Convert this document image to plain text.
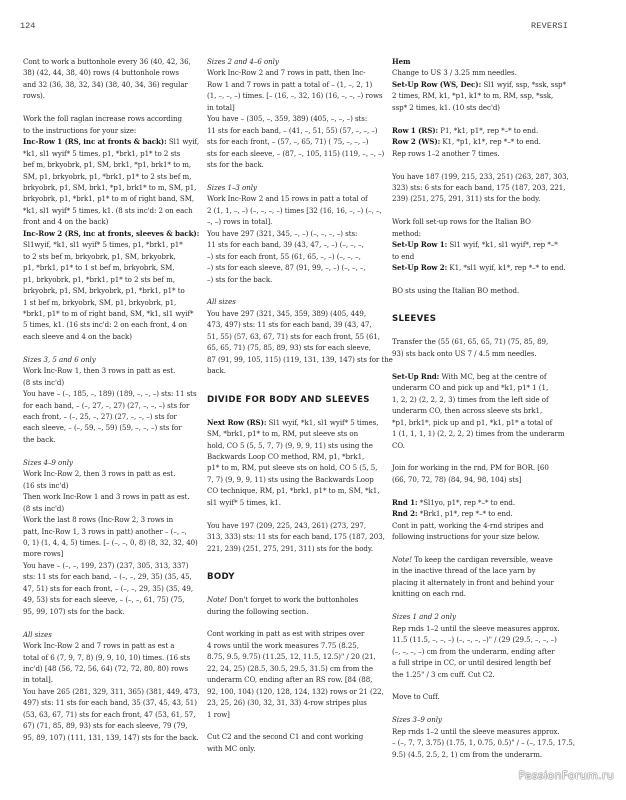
124	REVERSI
Cont to work a buttonhole every 36 (40, 42, 36,
38) (42, 44, 38, 40) rows (4 buttonhole rows
and 32 (36, 38, 32, 34) (38, 40, 34, 36) regular
rows).
Work the foll raglan increase rows according
to the instructions for your size:
Inc-Row 1 (RS, inc at fronts & back): Sl1 wyif,
*k1, sl1 wyif* 5 times, p1, *brk1, p1* to 2 sts
bef m, brkyobrk, p1, SM, brk1, *p1, brk1* to m,
SM, p1, brkyobrk, p1, *brk1, p1* to 2 sts bef m,
brkyobrk, p1, SM, brk1, *p1, brk1* to m, SM, p1,
brkyobrk, p1, *brk1, p1* to m of right band, SM,
*k1, sl1 wyif* 5 times, k1. (8 sts inc'd: 2 on each
front and 4 on the back)
Inc-Row 2 (RS, inc at fronts, sleeves & back):
Sl1wyif, *k1, sl1 wyif* 5 times, p1, *brk1, p1*
to 2 sts bef m, brkyobrk, p1, SM, brkyobrk,
p1, *brk1, p1* to 1 st bef m, brkyobrk, SM,
p1, brkyobrk, p1, *brk1, p1* to 2 sts bef m,
brkyobrk, p1, SM, brkyobrk, p1, *brk1, p1* to
1 st bef m, brkyobrk, SM, p1, brkyobrk, p1,
*brk1, p1* to m of right band, SM, *k1, sl1 wyif*
5 times, k1. (16 sts inc'd: 2 on each front, 4 on
each sleeve and 4 on the back)
Sizes 3, 5 and 6 only
Work Inc-Row 1, then 3 rows in patt as est.
(8 sts inc'd)
You have – (–, 185, –, 189) (189, –, –, –) sts: 11 sts
for each band, – (–, 27, –, 27) (27, –, –, –) sts for
each front, – (–, 25, –, 27) (27, –, –, –) sts for
each sleeve, – (–, 59, –, 59) (59, –, –, –) sts for
the back.
Sizes 4–9 only
Work Inc-Row 2, then 3 rows in patt as est.
(16 sts inc'd)
Then work Inc-Row 1 and 3 rows in patt as est.
(8 sts inc'd)
Work the last 8 rows (Inc-Row 2, 3 rows in
patt, Inc-Row 1, 3 rows in patt) another – (–, –,
0, 1) (1, 4, 4, 5) times. [– (–, –, 0, 8) (8, 32, 32, 40)
more rows]
You have – (–, –, 199, 237) (237, 305, 313, 337)
sts: 11 sts for each band, – (–, –, 29, 35) (35, 45,
47, 51) sts for each front, – (–, –, 29, 35) (35, 49,
49, 53) sts for each sleeve, – (–, –, 61, 75) (75,
95, 99, 107) sts for the back.
All sizes
Work Inc-Row 2 and 7 rows in patt as est a
total of 6 (7, 9, 7, 8) (9, 9, 10, 10) times. (16 sts
inc'd) [48 (56, 72, 56, 64) (72, 72, 80, 80) rows
in total].
You have 265 (281, 329, 311, 365) (381, 449, 473,
497) sts: 11 sts for each band, 35 (37, 45, 43, 51)
(53, 63, 67, 71) sts for each front, 47 (53, 61, 57,
67) (71, 85, 89, 93) sts for each sleeve, 79 (79,
95, 89, 107) (111, 131, 139, 147) sts for the back.
Sizes 2 and 4–6 only
Work Inc-Row 2 and 7 rows in patt, then Inc-
Row 1 and 7 rows in patt a total of – (1, –, 2, 1)
(1, –, –, –) times. [– (16, –, 32, 16) (16, –, –, –) rows
in total]
You have – (305, –, 359, 389) (405, –, –, –) sts:
11 sts for each band, – (41, –, 51, 55) (57, –, –, –)
sts for each front, – (57, –, 65, 71) ( 75, –, –, –)
sts for each sleeve, – (87, –, 105, 115) (119, –, –, –)
sts for the back.
Sizes 1–3 only
Work Inc-Row 2 and 15 rows in patt a total of
2 (1, 1, –, –) (–, –, –, –) times [32 (16, 16, –, –) (–, –,
–, –) rows in total].
You have 297 (321, 345, –, –) (–, –, –, –) sts:
11 sts for each band, 39 (43, 47, –, –) (–, –, –,
–) sts for each front, 55 (61, 65, –, –) (–, –, –,
–) sts for each sleeve, 87 (91, 99, –, –) (–, –, –,
–) sts for the back.
All sizes
You have 297 (321, 345, 359, 389) (405, 449,
473, 497) sts: 11 sts for each band, 39 (43, 47,
51, 55) (57, 63, 67, 71) sts for each front, 55 (61,
65, 65, 71) (75, 85, 89, 93) sts for each sleeve,
87 (91, 99, 105, 115) (119, 131, 139, 147) sts for the
back.
DIVIDE FOR BODY AND SLEEVES
Next Row (RS): Sl1 wyif, *k1, sl1 wyif* 5 times,
SM, *brk1, p1* to m, RM, put sleeve sts on
hold, CO 5 (5, 5, 7, 7) (9, 9, 9, 11) sts using the
Backwards Loop CO method, RM, p1, *brk1,
p1* to m, RM, put sleeve sts on hold, CO 5 (5, 5,
7, 7) (9, 9, 9, 11) sts using the Backwards Loop
CO technique, RM, p1, *brk1, p1* to m, SM, *k1,
sl1 wyif* 5 times, k1.
You have 197 (209, 225, 243, 261) (273, 297,
313, 333) sts: 11 sts for each band, 175 (187, 203,
221, 239) (251, 275, 291, 311) sts for the body.
BODY
Note! Don't forget to work the buttonholes
during the following section.
Cont working in patt as est with stripes over
4 rows until the work measures 7.75 (8.25,
8.75, 9.5, 9.75) (11.25, 12, 11.5, 12.5)" / 20 (21,
22, 24, 25) (28.5, 30.5, 29.5, 31.5) cm from the
underarm CO, ending after an RS row. [84 (88,
92, 100, 104) (120, 128, 124, 132) rows or 21 (22,
23, 25, 26) (30, 32, 31, 33) 4-row stripes plus
1 row]
Cut C2 and the second C1 and cont working
with MC only.
Hem
Change to US 3 / 3.25 mm needles.
Set-Up Row (WS, Dec): Sl1 wyif, ssp, *ssk, ssp*
2 times, RM, k1, *p1, k1* to m, RM, ssp, *ssk,
ssp* 2 times, k1. (10 sts dec'd)
Row 1 (RS): P1, *k1, p1*, rep *–* to end.
Row 2 (WS): K1, *p1, k1*, rep *–* to end.
Rep rows 1–2 another 7 times.
You have 187 (199, 215, 233, 251) (263, 287, 303,
323) sts: 6 sts for each band, 175 (187, 203, 221,
239) (251, 275, 291, 311) sts for the body.
Work foll set-up rows for the Italian BO
method:
Set-Up Row 1: Sl1 wyif, *k1, sl1 wyif*, rep *–*
to end
Set-Up Row 2: K1, *sl1 wyif, k1*, rep *–* to end.
BO sts using the Italian BO method.
SLEEVES
Transfer the (55 (61, 65, 65, 71) (75, 85, 89,
93) sts back onto US 7 / 4.5 mm needles.
Set-Up Rnd: With MC, beg at the centre of
underarm CO and pick up and *k1, p1* 1 (1,
1, 2, 2) (2, 2, 2, 3) times from the left side of
underarm CO, then across sleeve sts brk1,
*p1, brk1*, pick up and p1, *k1, p1* a total of
1 (1, 1, 1, 1) (2, 2, 2, 2) times from the underarm
CO.
Join for working in the rnd, PM for BOR. [60
(66, 70, 72, 78) (84, 94, 98, 104) sts]
Rnd 1: *Sl1yo, p1*, rep *–* to end.
Rnd 2: *Brk1, p1*, rep *–* to end.
Cont in patt, working the 4-rnd stripes and
following instructions for your size below.
Note! To keep the cardigan reversible, weave
in the inactive thread of the lace yarn by
placing it alternately in front and behind your
knitting on each rnd.
Sizes 1 and 2 only
Rep rnds 1–2 until the sleeve measures approx.
11.5 (11.5, –, –, –) (–, –, –, –)" / (29 (29.5, –, –, –)
(–, –, –, –) cm from the underarm, ending after
a full stripe in CC, or until desired length bef
the 1.25" / 3 cm cuff. Cut C2.
Move to Cuff.
Sizes 3–9 only
Rep rnds 1–2 until the sleeve measures approx.
– (–, 7, 7, 3.75) (1.75, 1, 0.75, 0.5)" / – (–, 17.5, 17.5,
9.5) (4.5, 2.5, 2, 1) cm from the underarm.
PassionForum.ru
